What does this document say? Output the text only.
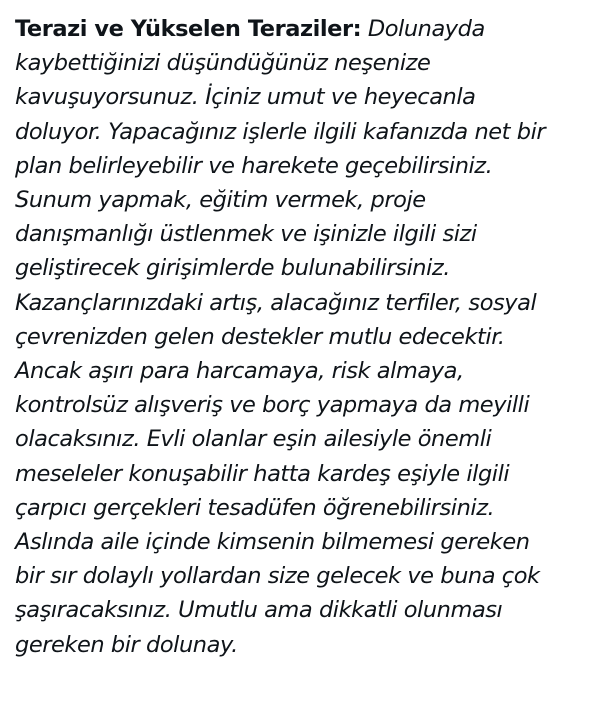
Terazi ve Yükselen Teraziler: Dolunayda
kaybettiğinizi düşündüğünüz neşenize
kavuşuyorsunuz. İçiniz umut ve heyecanla
doluyor. Yapacağınız işlerle ilgili kafanızda net bir
plan belirleyebilir ve harekete geçebilirsiniz.
Sunum yapmak, eğitim vermek, proje
danışmanlığı üstlenmek ve işinizle ilgili sizi
geliştirecek girişimlerde bulunabilirsiniz.
Kazançlarınızdaki artış, alacağınız terfiler, sosyal
çevrenizden gelen destekler mutlu edecektir.
Ancak aşırı para harcamaya, risk almaya,
kontrolsüz alışveriş ve borç yapmaya da meyilli
olacaksınız. Evli olanlar eşin ailesiyle önemli
meseleler konuşabilir hatta kardeş eşiyle ilgili
çarpıcı gerçekleri tesadüfen öğrenebilirsiniz.
Aslında aile içinde kimsenin bilmemesi gereken
bir sır dolaylı yollardan size gelecek ve buna çok
şaşıracaksınız. Umutlu ama dikkatli olunması
gereken bir dolunay.
